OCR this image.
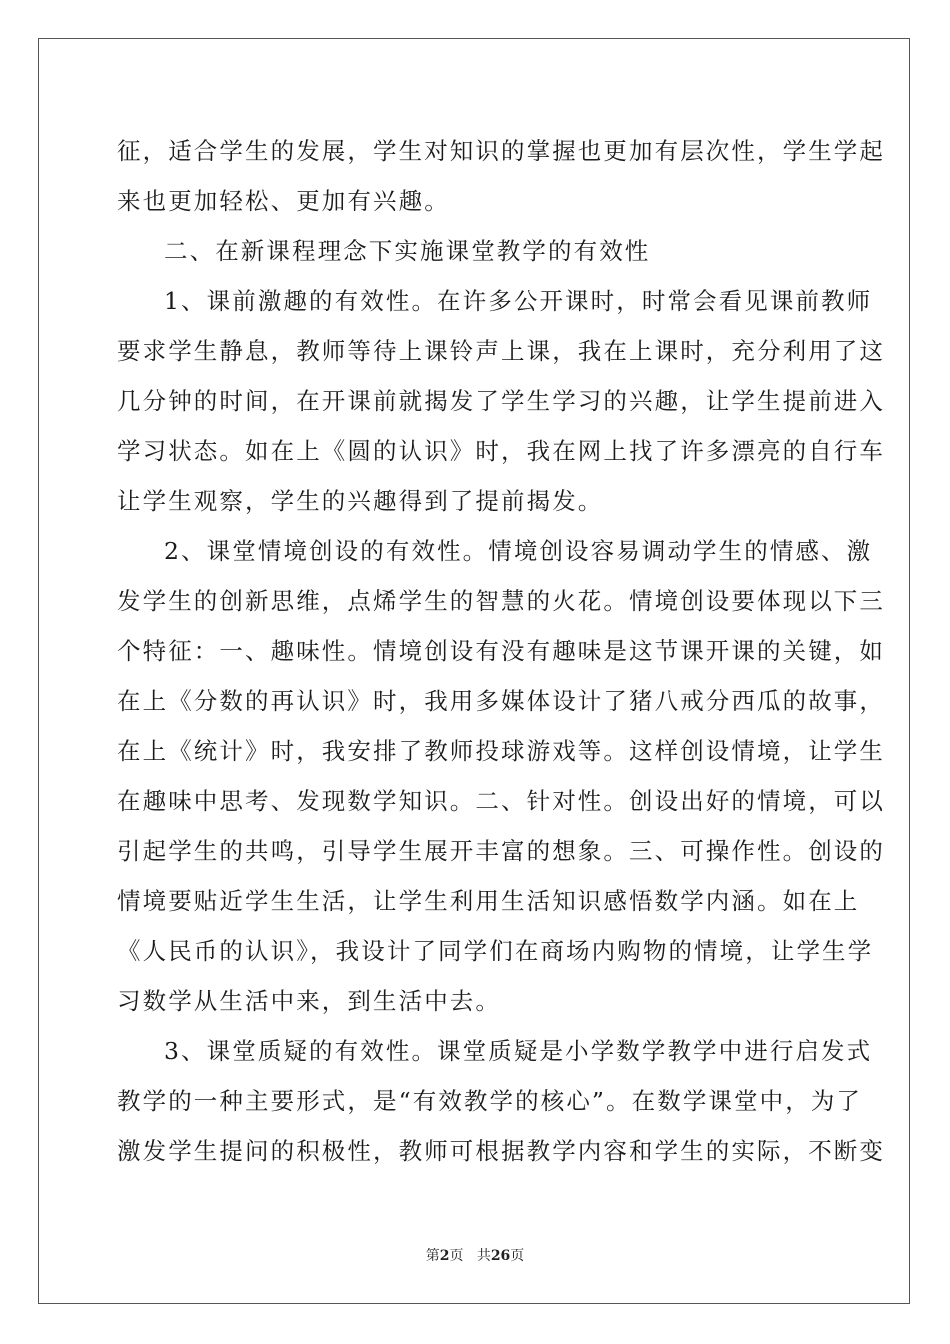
征，适合学生的发展，学生对知识的掌握也更加有层次性，学生学起
来也更加轻松、更加有兴趣。
二、在新课程理念下实施课堂教学的有效性
1、课前激趣的有效性。在许多公开课时，时常会看见课前教师
要求学生静息，教师等待上课铃声上课，我在上课时，充分利用了这
几分钟的时间，在开课前就揭发了学生学习的兴趣，让学生提前进入
学习状态。如在上《圆的认识》时，我在网上找了许多漂亮的自行车
让学生观察，学生的兴趣得到了提前揭发。
2、课堂情境创设的有效性。情境创设容易调动学生的情感、激
发学生的创新思维，点烯学生的智慧的火花。情境创设要体现以下三
个特征：一、趣味性。情境创设有没有趣味是这节课开课的关键，如
在上《分数的再认识》时，我用多媒体设计了猪八戒分西瓜的故事，
在上《统计》时，我安排了教师投球游戏等。这样创设情境，让学生
在趣味中思考、发现数学知识。二、针对性。创设出好的情境，可以
引起学生的共鸣，引导学生展开丰富的想象。三、可操作性。创设的
情境要贴近学生生活，让学生利用生活知识感悟数学内涵。如在上
《人民币的认识》，我设计了同学们在商场内购物的情境，让学生学
习数学从生活中来，到生活中去。
3、课堂质疑的有效性。课堂质疑是小学数学教学中进行启发式
教学的一种主要形式，是“有效教学的核心”。在数学课堂中，为了
激发学生提问的积极性，教师可根据教学内容和学生的实际，不断变
第2页 共26页
